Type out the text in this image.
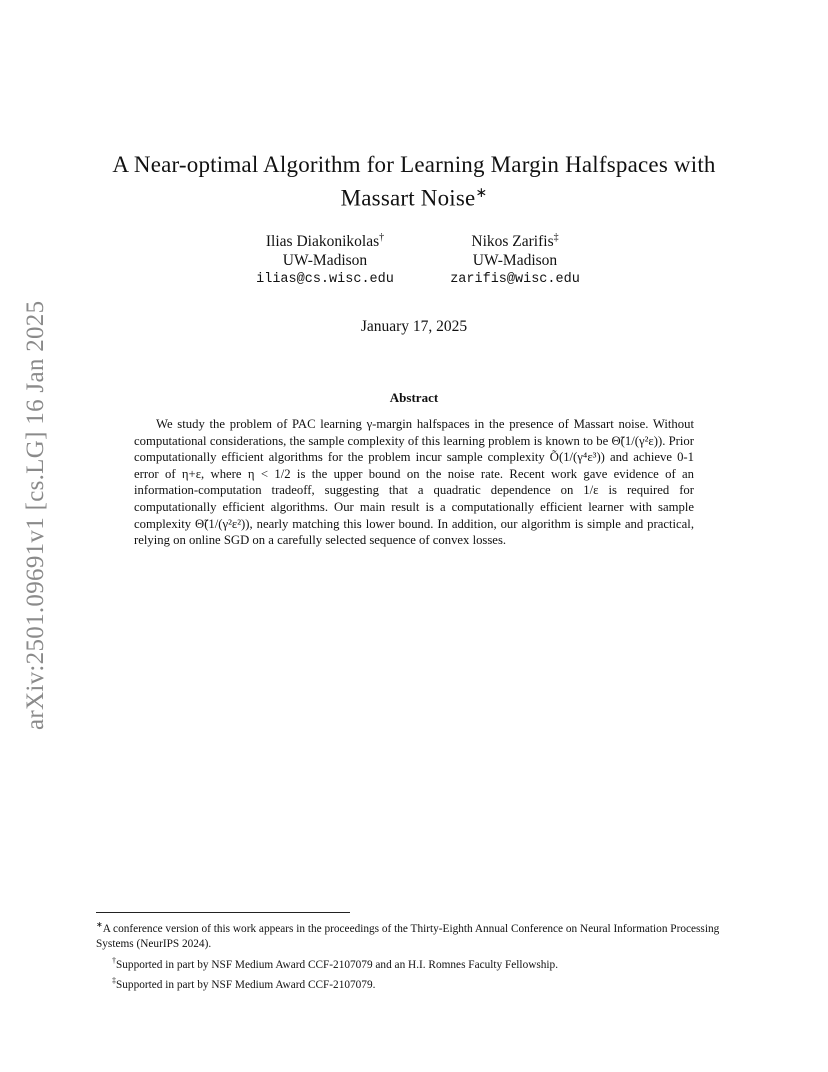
arXiv:2501.09691v1 [cs.LG] 16 Jan 2025
A Near-optimal Algorithm for Learning Margin Halfspaces with
Massart Noise∗
Ilias Diakonikolas†
UW-Madison
ilias@cs.wisc.edu
Nikos Zarifis‡
UW-Madison
zarifis@wisc.edu
January 17, 2025
Abstract

We study the problem of PAC learning γ-margin halfspaces in the presence of Massart noise. Without computational considerations, the sample complexity of this learning problem is known to be Θ̃(1/(γ²ε)). Prior computationally efficient algorithms for the problem incur sample complexity Õ(1/(γ⁴ε³)) and achieve 0-1 error of η+ε, where η < 1/2 is the upper bound on the noise rate. Recent work gave evidence of an information-computation tradeoff, suggesting that a quadratic dependence on 1/ε is required for computationally efficient algorithms. Our main result is a computationally efficient learner with sample complexity Θ̃(1/(γ²ε²)), nearly matching this lower bound. In addition, our algorithm is simple and practical, relying on online SGD on a carefully selected sequence of convex losses.

∗A conference version of this work appears in the proceedings of the Thirty-Eighth Annual Conference on Neural Information Processing Systems (NeurIPS 2024).

†Supported in part by NSF Medium Award CCF-2107079 and an H.I. Romnes Faculty Fellowship.

‡Supported in part by NSF Medium Award CCF-2107079.
